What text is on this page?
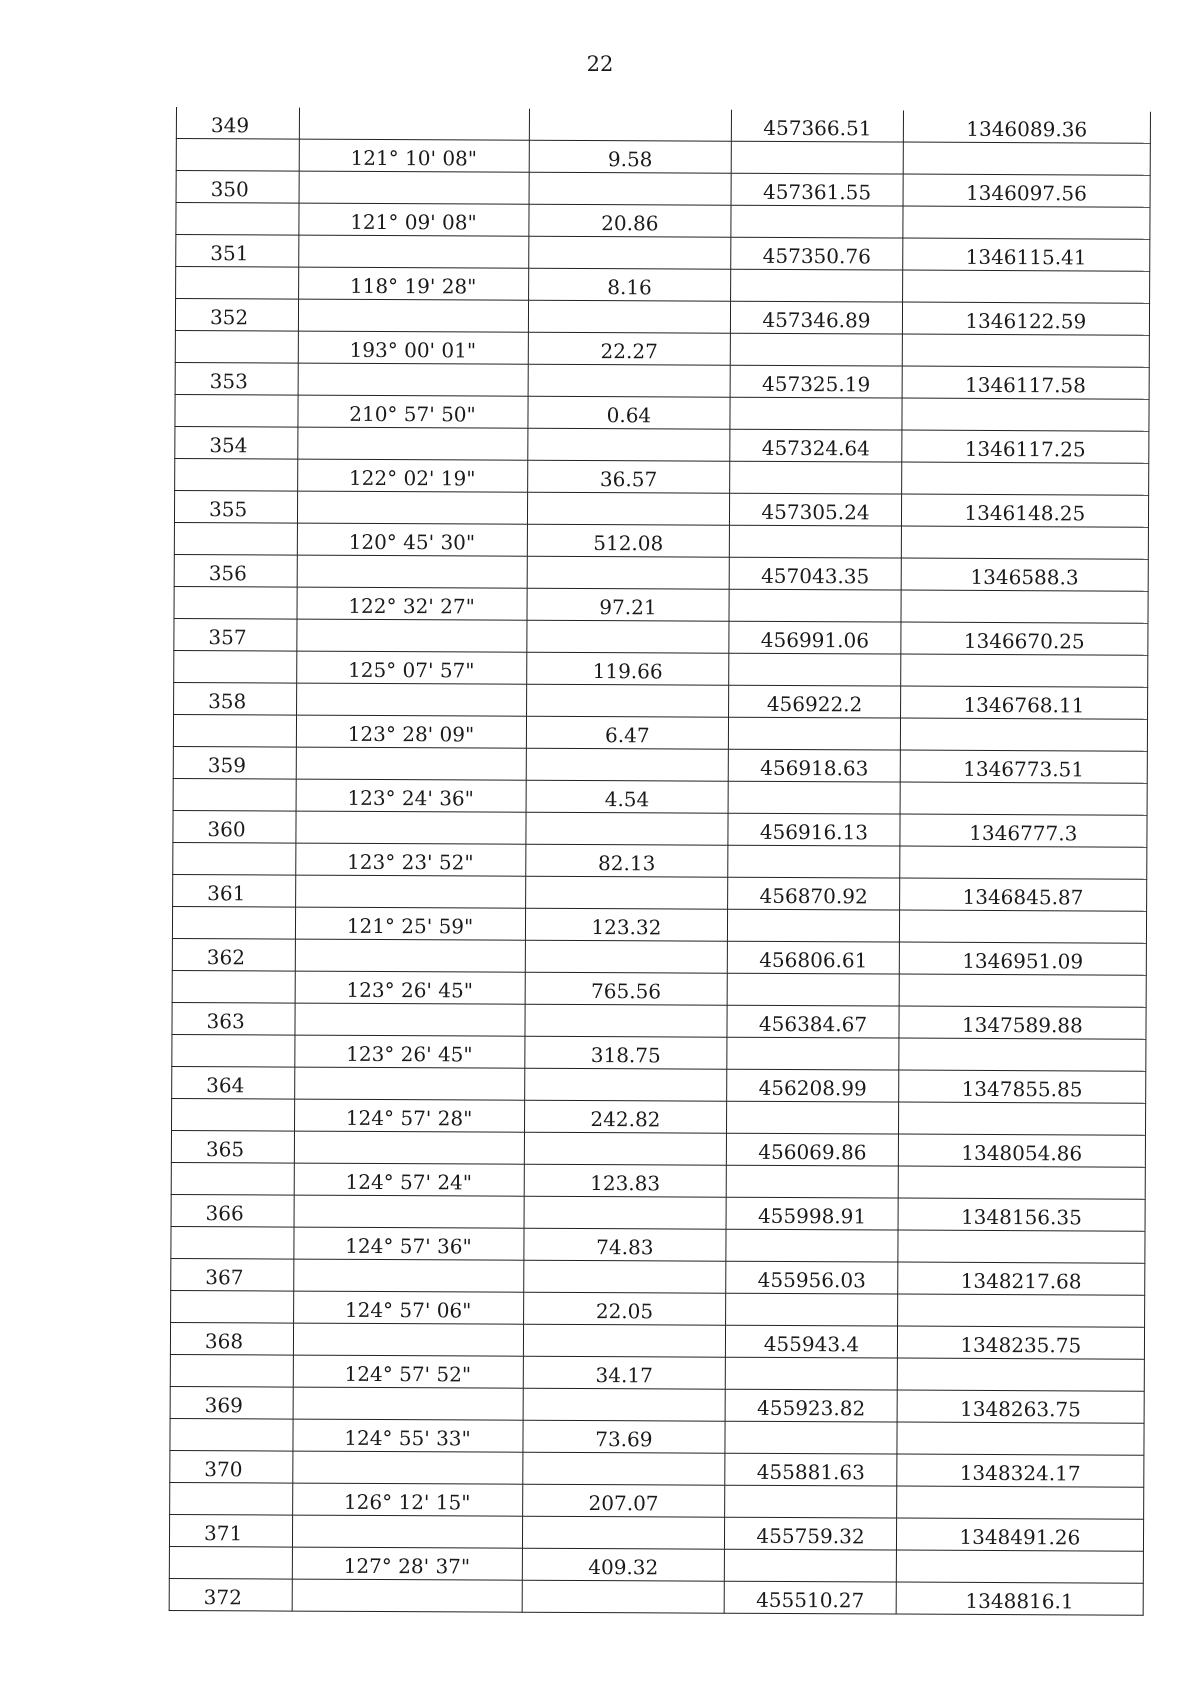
22
349			457366.51	1346089.36
	121° 10' 08"	9.58		
350			457361.55	1346097.56
	121° 09' 08"	20.86		
351			457350.76	1346115.41
	118° 19' 28"	8.16		
352			457346.89	1346122.59
	193° 00' 01"	22.27		
353			457325.19	1346117.58
	210° 57' 50"	0.64		
354			457324.64	1346117.25
	122° 02' 19"	36.57		
355			457305.24	1346148.25
	120° 45' 30"	512.08		
356			457043.35	1346588.3
	122° 32' 27"	97.21		
357			456991.06	1346670.25
	125° 07' 57"	119.66		
358			456922.2	1346768.11
	123° 28' 09"	6.47		
359			456918.63	1346773.51
	123° 24' 36"	4.54		
360			456916.13	1346777.3
	123° 23' 52"	82.13		
361			456870.92	1346845.87
	121° 25' 59"	123.32		
362			456806.61	1346951.09
	123° 26' 45"	765.56		
363			456384.67	1347589.88
	123° 26' 45"	318.75		
364			456208.99	1347855.85
	124° 57' 28"	242.82		
365			456069.86	1348054.86
	124° 57' 24"	123.83		
366			455998.91	1348156.35
	124° 57' 36"	74.83		
367			455956.03	1348217.68
	124° 57' 06"	22.05		
368			455943.4	1348235.75
	124° 57' 52"	34.17		
369			455923.82	1348263.75
	124° 55' 33"	73.69		
370			455881.63	1348324.17
	126° 12' 15"	207.07		
371			455759.32	1348491.26
	127° 28' 37"	409.32		
372			455510.27	1348816.1
